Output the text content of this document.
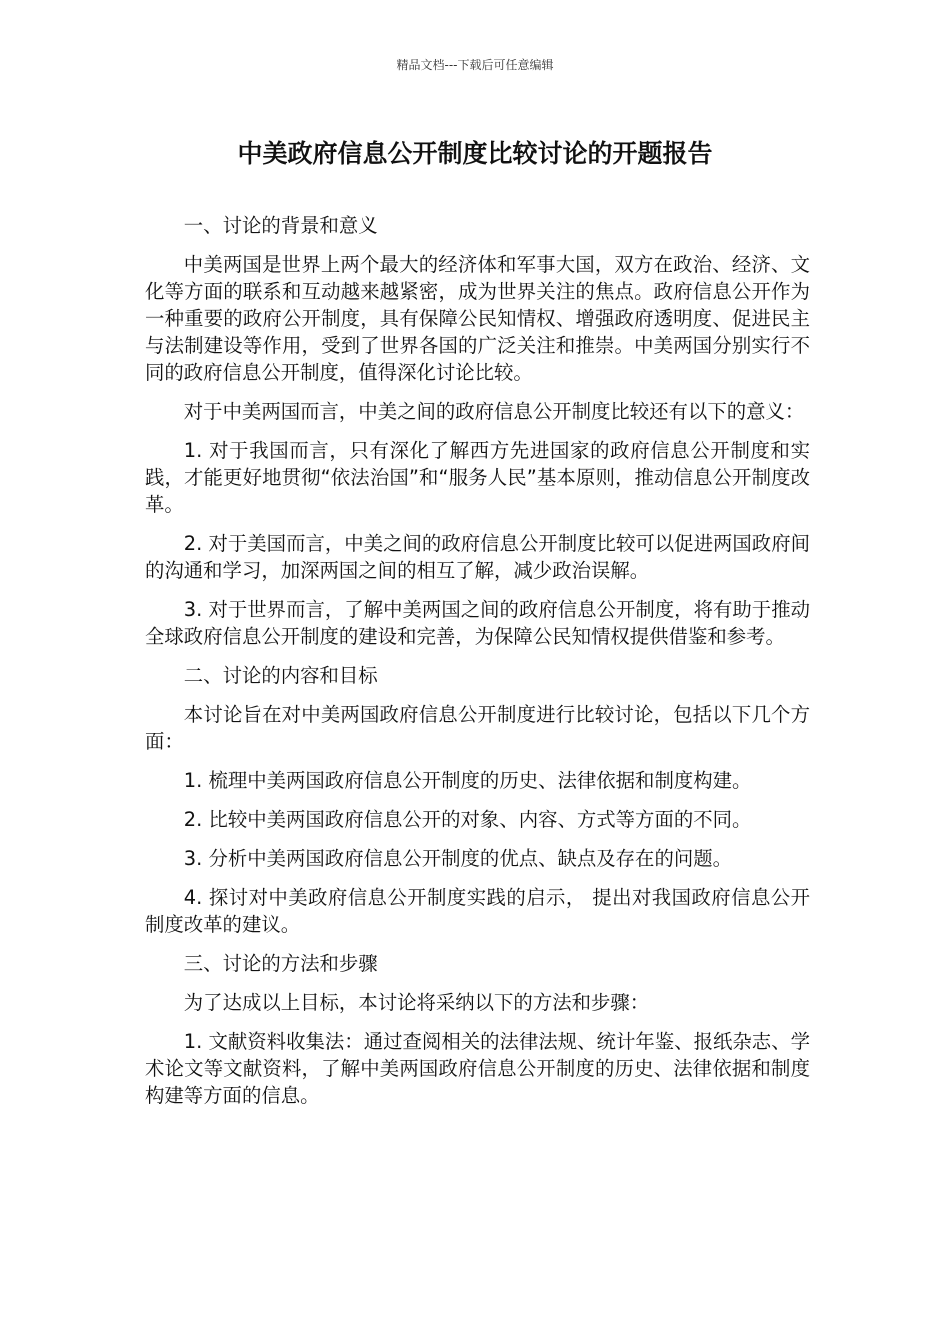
精品文档---下载后可任意编辑
中美政府信息公开制度比较讨论的开题报告

一、讨论的背景和意义

中美两国是世界上两个最大的经济体和军事大国，双方在政治、经济、文化等方面的联系和互动越来越紧密，成为世界关注的焦点。政府信息公开作为一种重要的政府公开制度，具有保障公民知情权、增强政府透明度、促进民主与法制建设等作用，受到了世界各国的广泛关注和推崇。中美两国分别实行不同的政府信息公开制度，值得深化讨论比较。

对于中美两国而言，中美之间的政府信息公开制度比较还有以下的意义：

1. 对于我国而言，只有深化了解西方先进国家的政府信息公开制度和实践，才能更好地贯彻“依法治国”和“服务人民”基本原则，推动信息公开制度改革。

2. 对于美国而言，中美之间的政府信息公开制度比较可以促进两国政府间的沟通和学习，加深两国之间的相互了解，减少政治误解。

3. 对于世界而言，了解中美两国之间的政府信息公开制度，将有助于推动全球政府信息公开制度的建设和完善，为保障公民知情权提供借鉴和参考。

二、讨论的内容和目标

本讨论旨在对中美两国政府信息公开制度进行比较讨论，包括以下几个方面：

1. 梳理中美两国政府信息公开制度的历史、法律依据和制度构建。

2. 比较中美两国政府信息公开的对象、内容、方式等方面的不同。

3. 分析中美两国政府信息公开制度的优点、缺点及存在的问题。

4. 探讨对中美政府信息公开制度实践的启示， 提出对我国政府信息公开制度改革的建议。

三、讨论的方法和步骤

为了达成以上目标，本讨论将采纳以下的方法和步骤：

1. 文献资料收集法：通过查阅相关的法律法规、统计年鉴、报纸杂志、学术论文等文献资料，了解中美两国政府信息公开制度的历史、法律依据和制度构建等方面的信息。
